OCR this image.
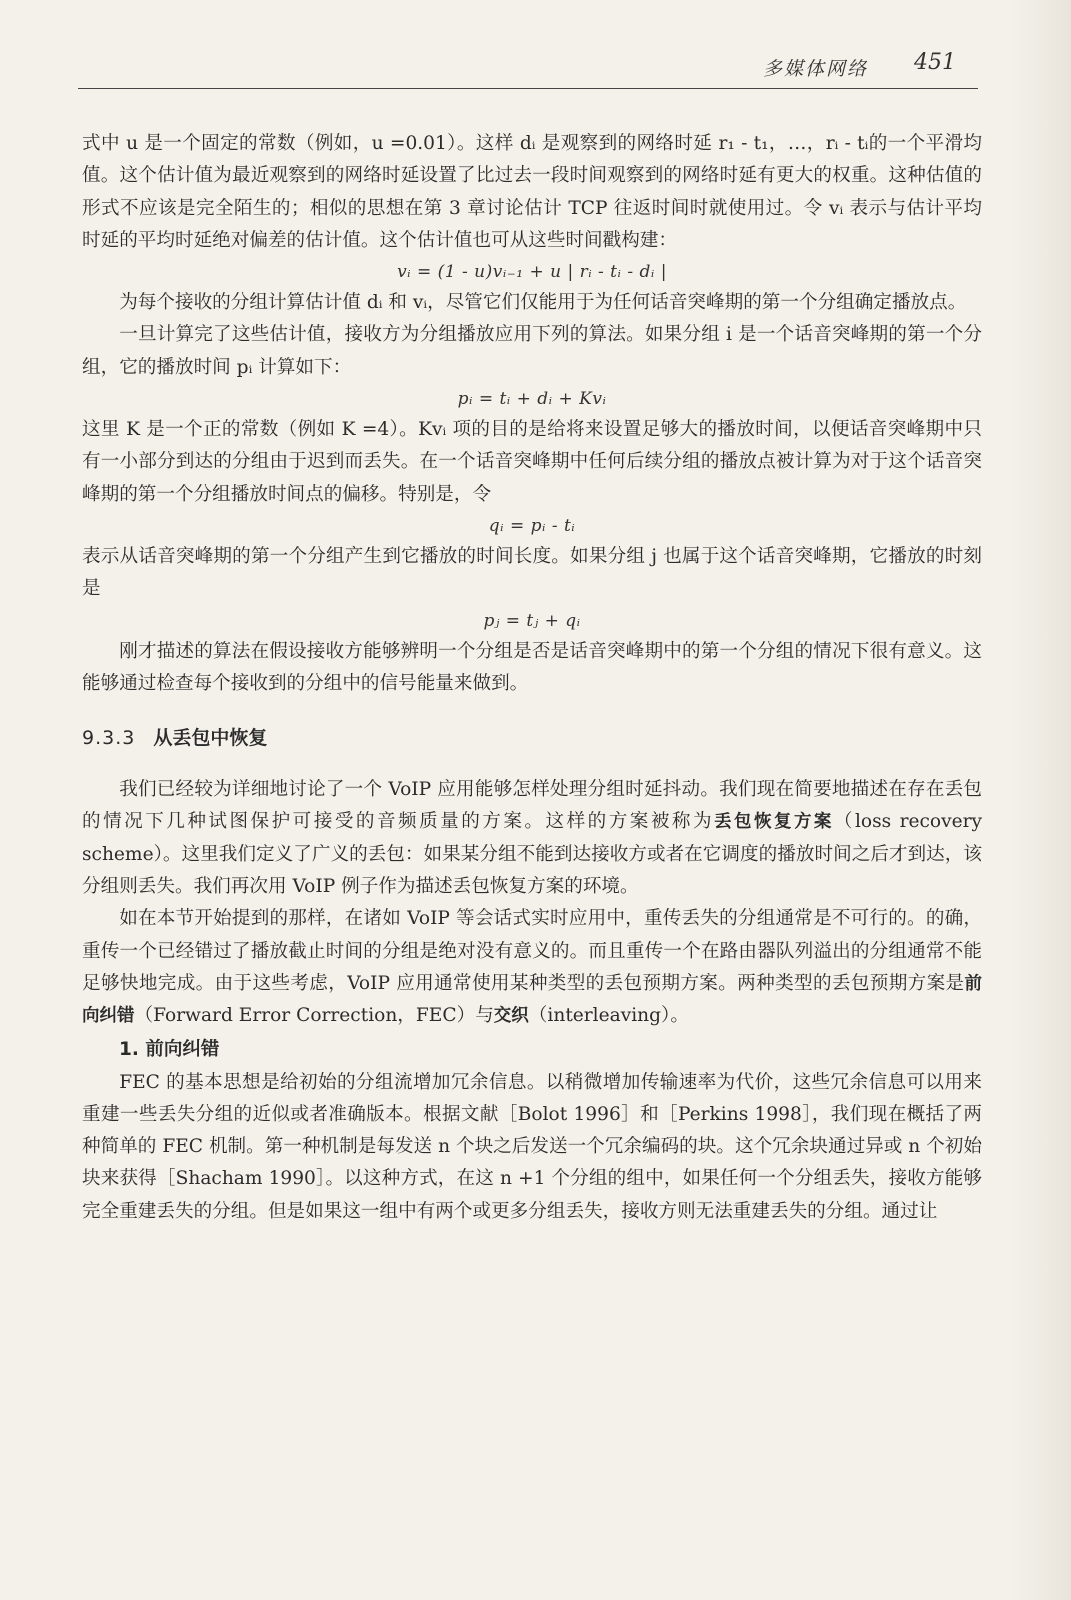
多媒体网络 451

式中 u 是一个固定的常数（例如，u =0.01）。这样 dᵢ 是观察到的网络时延 r₁ - t₁，…，rᵢ - tᵢ的一个平滑均值。这个估计值为最近观察到的网络时延设置了比过去一段时间观察到的网络时延有更大的权重。这种估值的形式不应该是完全陌生的；相似的思想在第 3 章讨论估计 TCP 往返时间时就使用过。令 vᵢ 表示与估计平均时延的平均时延绝对偏差的估计值。这个估计值也可从这些时间戳构建：

vᵢ = (1 - u)vᵢ₋₁ + u | rᵢ - tᵢ - dᵢ |

为每个接收的分组计算估计值 dᵢ 和 vᵢ，尽管它们仅能用于为任何话音突峰期的第一个分组确定播放点。

一旦计算完了这些估计值，接收方为分组播放应用下列的算法。如果分组 i 是一个话音突峰期的第一个分组，它的播放时间 pᵢ 计算如下：

pᵢ = tᵢ + dᵢ + Kvᵢ

这里 K 是一个正的常数（例如 K =4）。Kvᵢ 项的目的是给将来设置足够大的播放时间，以便话音突峰期中只有一小部分到达的分组由于迟到而丢失。在一个话音突峰期中任何后续分组的播放点被计算为对于这个话音突峰期的第一个分组播放时间点的偏移。特别是，令

qᵢ = pᵢ - tᵢ

表示从话音突峰期的第一个分组产生到它播放的时间长度。如果分组 j 也属于这个话音突峰期，它播放的时刻是

pⱼ = tⱼ + qᵢ

刚才描述的算法在假设接收方能够辨明一个分组是否是话音突峰期中的第一个分组的情况下很有意义。这能够通过检查每个接收到的分组中的信号能量来做到。

9.3.3 从丢包中恢复

我们已经较为详细地讨论了一个 VoIP 应用能够怎样处理分组时延抖动。我们现在简要地描述在存在丢包的情况下几种试图保护可接受的音频质量的方案。这样的方案被称为丢包恢复方案（loss recovery scheme）。这里我们定义了广义的丢包：如果某分组不能到达接收方或者在它调度的播放时间之后才到达，该分组则丢失。我们再次用 VoIP 例子作为描述丢包恢复方案的环境。

如在本节开始提到的那样，在诸如 VoIP 等会话式实时应用中，重传丢失的分组通常是不可行的。的确，重传一个已经错过了播放截止时间的分组是绝对没有意义的。而且重传一个在路由器队列溢出的分组通常不能足够快地完成。由于这些考虑，VoIP 应用通常使用某种类型的丢包预期方案。两种类型的丢包预期方案是前向纠错（Forward Error Correction，FEC）与交织（interleaving）。

1. 前向纠错

FEC 的基本思想是给初始的分组流增加冗余信息。以稍微增加传输速率为代价，这些冗余信息可以用来重建一些丢失分组的近似或者准确版本。根据文献［Bolot 1996］和［Perkins 1998］，我们现在概括了两种简单的 FEC 机制。第一种机制是每发送 n 个块之后发送一个冗余编码的块。这个冗余块通过异或 n 个初始块来获得［Shacham 1990］。以这种方式，在这 n +1 个分组的组中，如果任何一个分组丢失，接收方能够完全重建丢失的分组。但是如果这一组中有两个或更多分组丢失，接收方则无法重建丢失的分组。通过让
